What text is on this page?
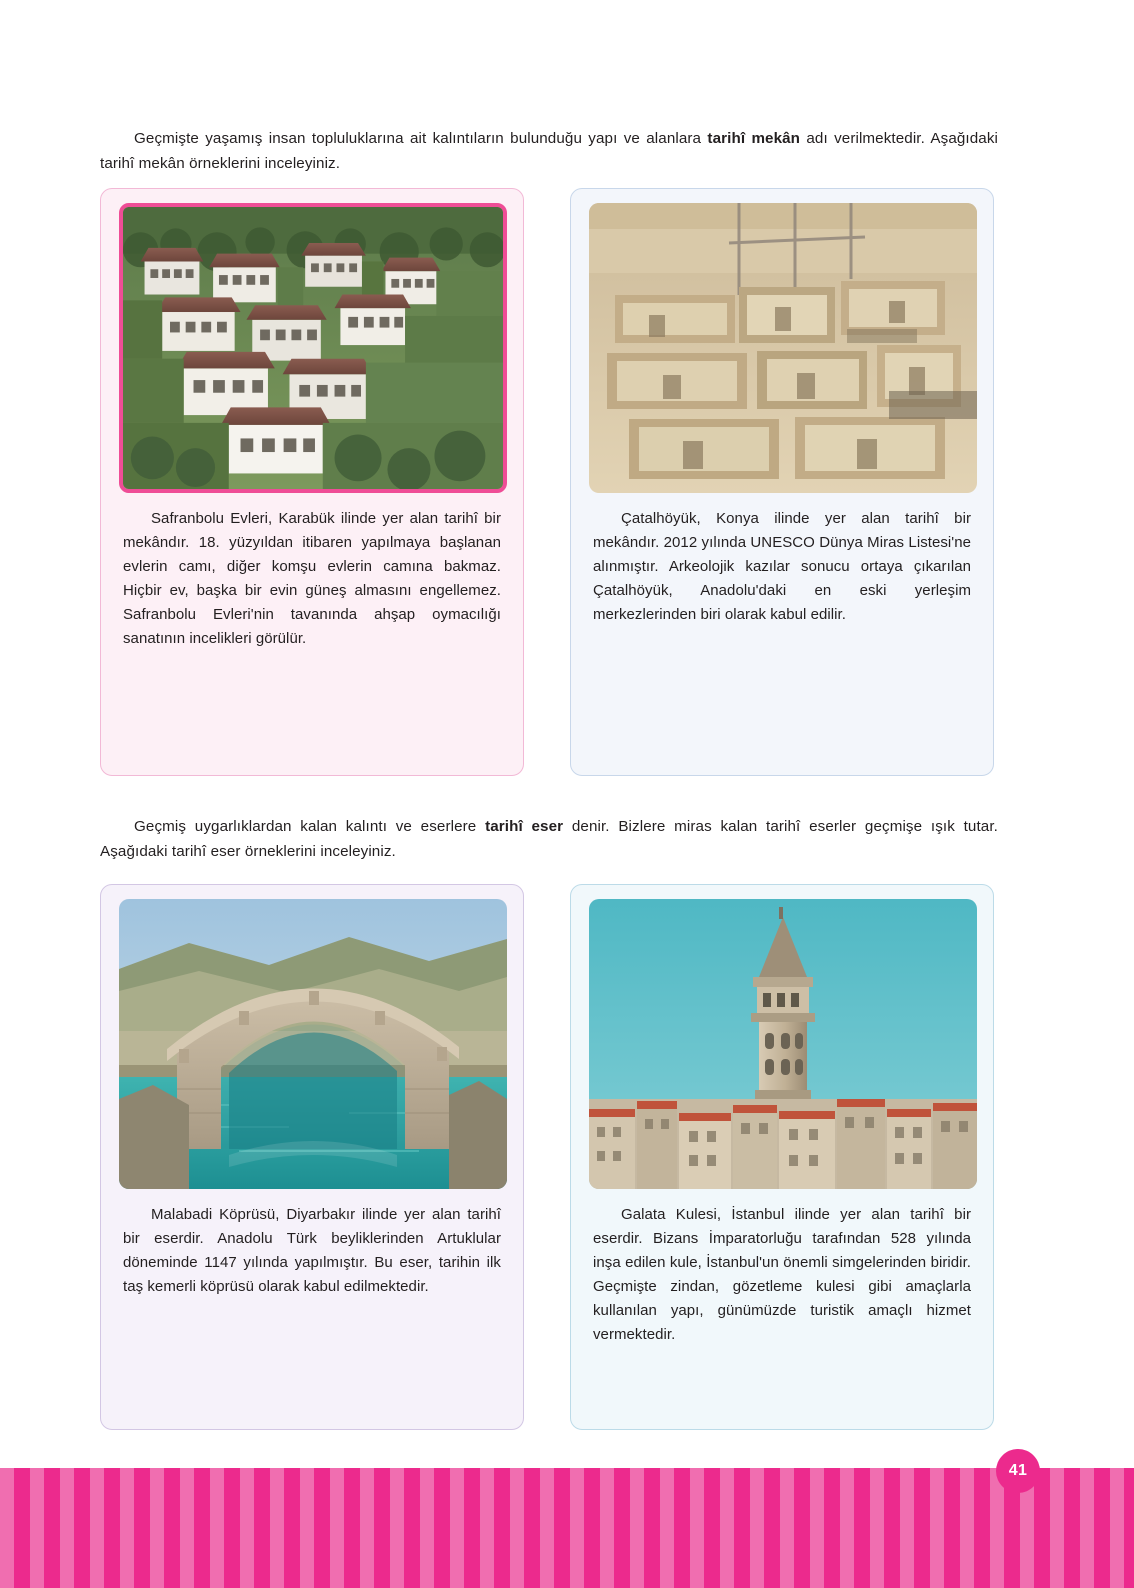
Geçmişte yaşamış insan topluluklarına ait kalıntıların bulunduğu yapı ve alanlara tarihî mekân adı verilmektedir. Aşağıdaki tarihî mekân örneklerini inceleyiniz.

Safranbolu Evleri, Karabük ilinde yer alan tarihî bir mekândır. 18. yüzyıldan itibaren yapılmaya başlanan evlerin camı, diğer komşu evlerin camına bakmaz. Hiçbir ev, başka bir evin güneş almasını engellemez. Safranbolu Evleri'nin tavanında ahşap oymacılığı sanatının incelikleri görülür.
Çatalhöyük, Konya ilinde yer alan tarihî bir mekândır. 2012 yılında UNESCO Dünya Miras Listesi'ne alınmıştır. Arkeolojik kazılar sonucu ortaya çıkarılan Çatalhöyük, Anadolu'daki en eski yerleşim merkezlerinden biri olarak kabul edilir.

Geçmiş uygarlıklardan kalan kalıntı ve eserlere tarihî eser denir. Bizlere miras kalan tarihî eserler geçmişe ışık tutar. Aşağıdaki tarihî eser örneklerini inceleyiniz.

Malabadi Köprüsü, Diyarbakır ilinde yer alan tarihî bir eserdir. Anadolu Türk beyliklerinden Artuklular döneminde 1147 yılında yapılmıştır. Bu eser, tarihin ilk taş kemerli köprüsü olarak kabul edilmektedir.
Galata Kulesi, İstanbul ilinde yer alan tarihî bir eserdir. Bizans İmparatorluğu tarafından 528 yılında inşa edilen kule, İstanbul'un önemli simgelerinden biridir. Geçmişte zindan, gözetleme kulesi gibi amaçlarla kullanılan yapı, günümüzde turistik amaçlı hizmet vermektedir.
41
